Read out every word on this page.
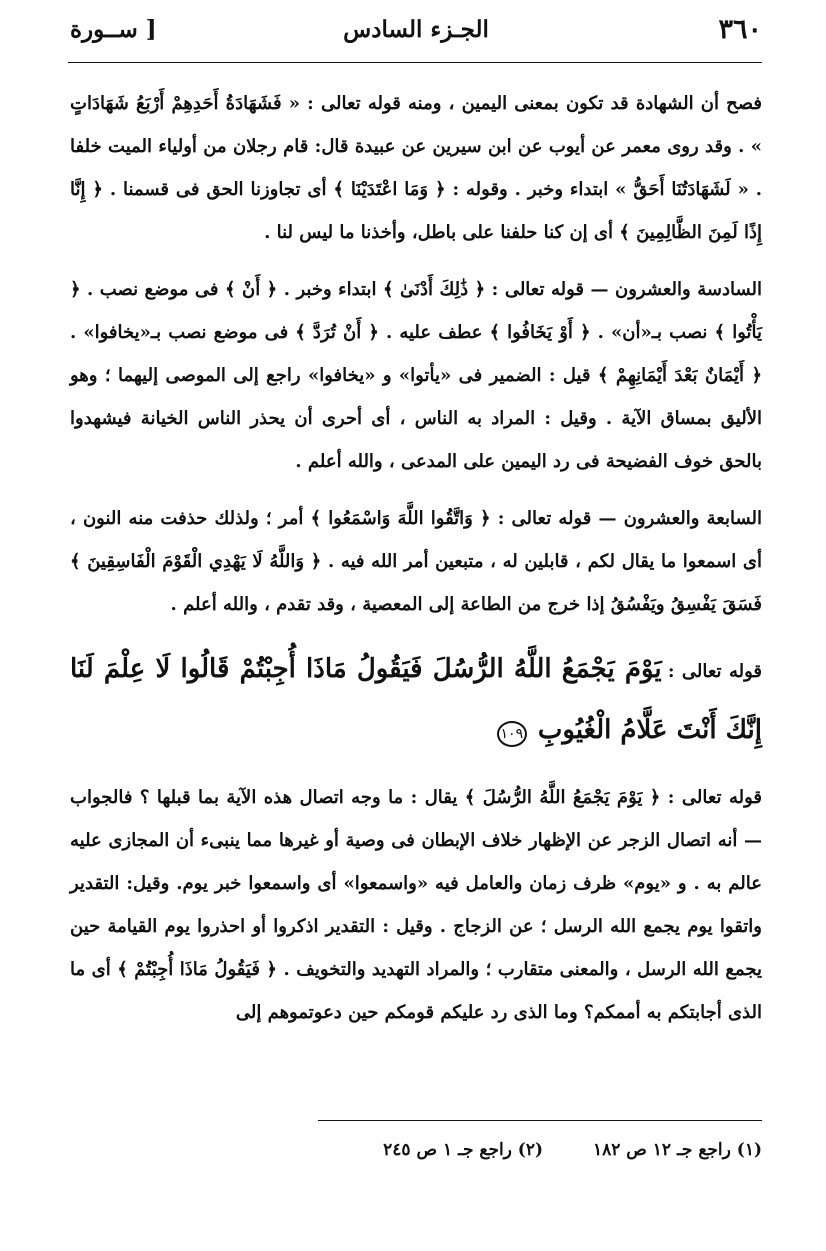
٣٦٠
الجـزء السادس
[ ســورة

فصح أن الشهادة قد تكون بمعنى اليمين ، ومنه قوله تعالى : « فَشَهَادَةُ أَحَدِهِمْ أَرْبَعُ شَهَادَاتٍ » . وقد روى معمر عن أيوب عن ابن سيرين عن عبيدة قال: قام رجلان من أولياء الميت خلفا . « لَشَهَادَتُنَا أَحَقُّ » ابتداء وخبر . وقوله : ﴿ وَمَا اعْتَدَيْنَا ﴾ أى تجاوزنا الحق فى قسمنا . ﴿ إِنَّا إِذًا لَمِنَ الظَّالِمِينَ ﴾ أى إن كنا حلفنا على باطل، وأخذنا ما ليس لنا .

السادسة والعشرون — قوله تعالى : ﴿ ذَٰلِكَ أَدْنَىٰ ﴾ ابتداء وخبر . ﴿ أَنْ ﴾ فى موضع نصب . ﴿ يَأْتُوا ﴾ نصب بـ«أن» . ﴿ أَوْ يَخَافُوا ﴾ عطف عليه . ﴿ أَنْ تُرَدَّ ﴾ فى موضع نصب بـ«يخافوا» . ﴿ أَيْمَانٌ بَعْدَ أَيْمَانِهِمْ ﴾ قيل : الضمير فى «يأتوا» و «يخافوا» راجع إلى الموصى إليهما ؛ وهو الأليق بمساق الآية . وقيل : المراد به الناس ، أى أحرى أن يحذر الناس الخيانة فيشهدوا بالحق خوف الفضيحة فى رد اليمين على المدعى ، والله أعلم .

السابعة والعشرون — قوله تعالى : ﴿ وَاتَّقُوا اللَّهَ وَاسْمَعُوا ﴾ أمر ؛ ولذلك حذفت منه النون ، أى اسمعوا ما يقال لكم ، قابلين له ، متبعين أمر الله فيه . ﴿ وَاللَّهُ لَا يَهْدِي الْقَوْمَ الْفَاسِقِينَ ﴾ فَسَقَ يَفْسِقُ ويَفْسُقُ إذا خرج من الطاعة إلى المعصية ، وقد تقدم ، والله أعلم .

قوله تعالى : يَوْمَ يَجْمَعُ اللَّهُ الرُّسُلَ فَيَقُولُ مَاذَا أُجِبْتُمْ قَالُوا لَا عِلْمَ لَنَا إِنَّكَ أَنْتَ عَلَّامُ الْغُيُوبِ ١٠٩

قوله تعالى : ﴿ يَوْمَ يَجْمَعُ اللَّهُ الرُّسُلَ ﴾ يقال : ما وجه اتصال هذه الآية بما قبلها ؟ فالجواب — أنه اتصال الزجر عن الإظهار خلاف الإبطان فى وصية أو غيرها مما ينبىء أن المجازى عليه عالم به . و «يوم» ظرف زمان والعامل فيه «واسمعوا» أى واسمعوا خبر يوم. وقيل: التقدير واتقوا يوم يجمع الله الرسل ؛ عن الزجاج . وقيل : التقدير اذكروا أو احذروا يوم القيامة حين يجمع الله الرسل ، والمعنى متقارب ؛ والمراد التهديد والتخويف . ﴿ فَيَقُولُ مَاذَا أُجِبْتُمْ ﴾ أى ما الذى أجابتكم به أممكم؟ وما الذى رد عليكم قومكم حين دعوتموهم إلى

(١) راجع جـ ١٢ ص ١٨٢ (٢) راجع جـ ١ ص ٢٤٥
